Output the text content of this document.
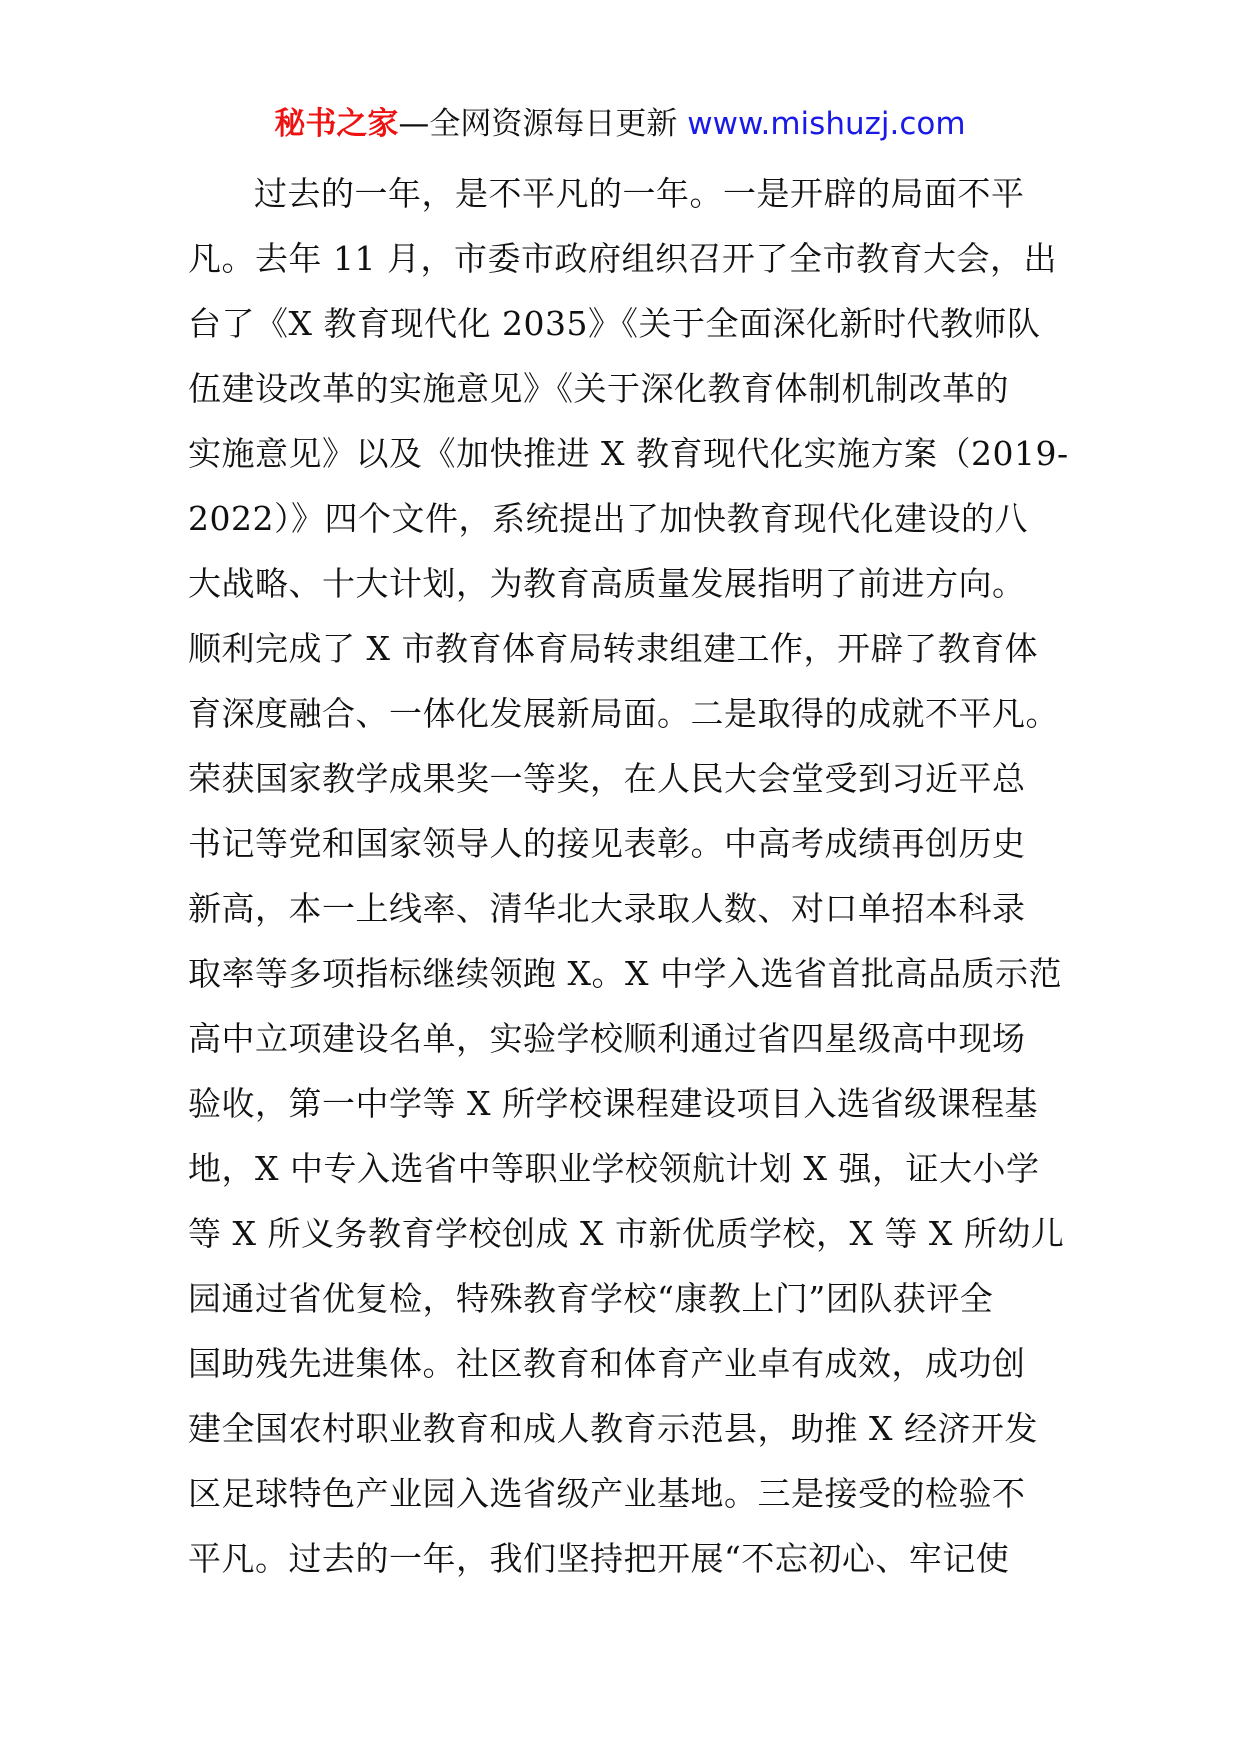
秘书之家—全网资源每日更新 www.mishuzj.com
过去的一年，是不平凡的一年。一是开辟的局面不平
凡。去年 11 月，市委市政府组织召开了全市教育大会，出
台了《X 教育现代化 2035》《关于全面深化新时代教师队
伍建设改革的实施意见》《关于深化教育体制机制改革的
实施意见》以及《加快推进 X 教育现代化实施方案（2019-
2022）》四个文件，系统提出了加快教育现代化建设的八
大战略、十大计划，为教育高质量发展指明了前进方向。
顺利完成了 X 市教育体育局转隶组建工作，开辟了教育体
育深度融合、一体化发展新局面。二是取得的成就不平凡。
荣获国家教学成果奖一等奖，在人民大会堂受到习近平总
书记等党和国家领导人的接见表彰。中高考成绩再创历史
新高，本一上线率、清华北大录取人数、对口单招本科录
取率等多项指标继续领跑 X。X 中学入选省首批高品质示范
高中立项建设名单，实验学校顺利通过省四星级高中现场
验收，第一中学等 X 所学校课程建设项目入选省级课程基
地，X 中专入选省中等职业学校领航计划 X 强，证大小学
等 X 所义务教育学校创成 X 市新优质学校，X 等 X 所幼儿
园通过省优复检，特殊教育学校“康教上门”团队获评全
国助残先进集体。社区教育和体育产业卓有成效，成功创
建全国农村职业教育和成人教育示范县，助推 X 经济开发
区足球特色产业园入选省级产业基地。三是接受的检验不
平凡。过去的一年，我们坚持把开展“不忘初心、牢记使
